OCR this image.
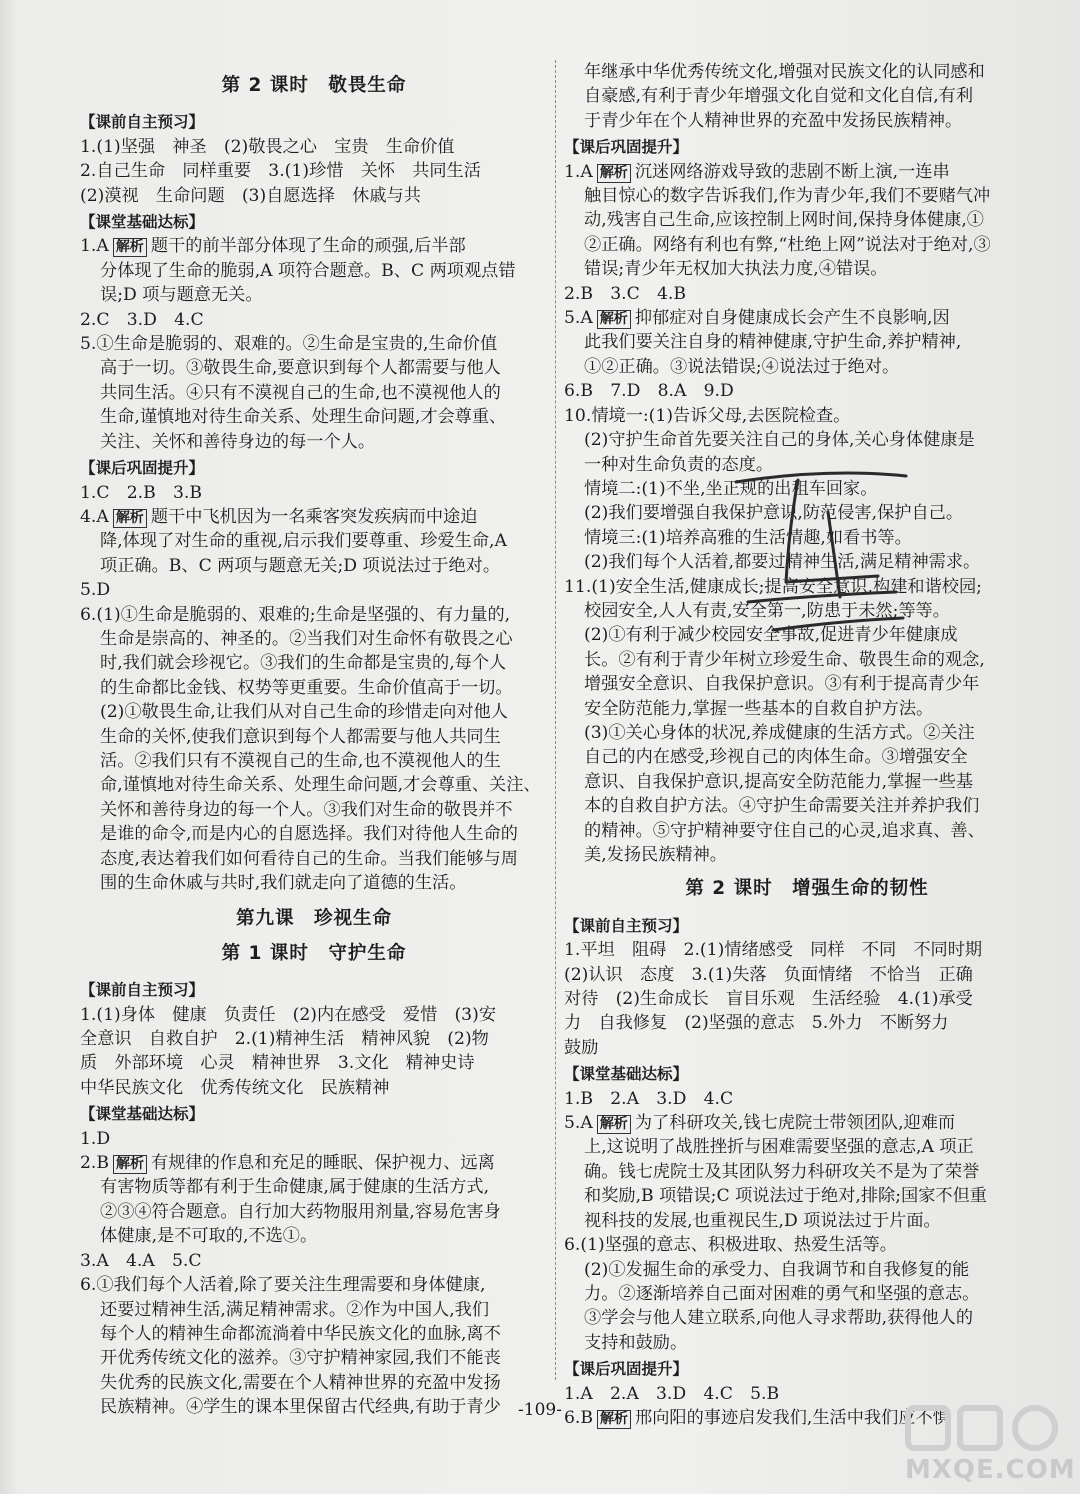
第 2 课时　敬畏生命
【课前自主预习】
1.(1)坚强　神圣　(2)敬畏之心　宝贵　生命价值
2.自己生命　同样重要　3.(1)珍惜　关怀　共同生活
(2)漠视　生命问题　(3)自愿选择　休戚与共
【课堂基础达标】
1.A 解析 题干的前半部分体现了生命的顽强,后半部
分体现了生命的脆弱,A 项符合题意。B、C 两项观点错
误;D 项与题意无关。
2.C　3.D　4.C
5.①生命是脆弱的、艰难的。②生命是宝贵的,生命价值
高于一切。③敬畏生命,要意识到每个人都需要与他人
共同生活。④只有不漠视自己的生命,也不漠视他人的
生命,谨慎地对待生命关系、处理生命问题,才会尊重、
关注、关怀和善待身边的每一个人。
【课后巩固提升】
1.C　2.B　3.B
4.A 解析 题干中飞机因为一名乘客突发疾病而中途迫
降,体现了对生命的重视,启示我们要尊重、珍爱生命,A
项正确。B、C 两项与题意无关;D 项说法过于绝对。
5.D
6.(1)①生命是脆弱的、艰难的;生命是坚强的、有力量的,
生命是崇高的、神圣的。②当我们对生命怀有敬畏之心
时,我们就会珍视它。③我们的生命都是宝贵的,每个人
的生命都比金钱、权势等更重要。生命价值高于一切。
(2)①敬畏生命,让我们从对自己生命的珍惜走向对他人
生命的关怀,使我们意识到每个人都需要与他人共同生
活。②我们只有不漠视自己的生命,也不漠视他人的生
命,谨慎地对待生命关系、处理生命问题,才会尊重、关注、
关怀和善待身边的每一个人。③我们对生命的敬畏并不
是谁的命令,而是内心的自愿选择。我们对待他人生命的
态度,表达着我们如何看待自己的生命。当我们能够与周
围的生命休戚与共时,我们就走向了道德的生活。
第九课　珍视生命
第 1 课时　守护生命
【课前自主预习】
1.(1)身体　健康　负责任　(2)内在感受　爱惜　(3)安
全意识　自救自护　2.(1)精神生活　精神风貌　(2)物
质　外部环境　心灵　精神世界　3.文化　精神史诗
中华民族文化　优秀传统文化　民族精神
【课堂基础达标】
1.D
2.B 解析 有规律的作息和充足的睡眠、保护视力、远离
有害物质等都有利于生命健康,属于健康的生活方式,
②③④符合题意。自行加大药物服用剂量,容易危害身
体健康,是不可取的,不选①。
3.A　4.A　5.C
6.①我们每个人活着,除了要关注生理需要和身体健康,
还要过精神生活,满足精神需求。②作为中国人,我们
每个人的精神生命都流淌着中华民族文化的血脉,离不
开优秀传统文化的滋养。③守护精神家园,我们不能丧
失优秀的民族文化,需要在个人精神世界的充盈中发扬
民族精神。④学生的课本里保留古代经典,有助于青少
年继承中华优秀传统文化,增强对民族文化的认同感和
自豪感,有利于青少年增强文化自觉和文化自信,有利
于青少年在个人精神世界的充盈中发扬民族精神。
【课后巩固提升】
1.A 解析 沉迷网络游戏导致的悲剧不断上演,一连串
触目惊心的数字告诉我们,作为青少年,我们不要赌气冲
动,残害自己生命,应该控制上网时间,保持身体健康,①
②正确。网络有利也有弊,“杜绝上网”说法对于绝对,③
错误;青少年无权加大执法力度,④错误。
2.B　3.C　4.B
5.A 解析 抑郁症对自身健康成长会产生不良影响,因
此我们要关注自身的精神健康,守护生命,养护精神,
①②正确。③说法错误;④说法过于绝对。
6.B　7.D　8.A　9.D
10.情境一:(1)告诉父母,去医院检查。
(2)守护生命首先要关注自己的身体,关心身体健康是
一种对生命负责的态度。
情境二:(1)不坐,坐正规的出租车回家。
(2)我们要增强自我保护意识,防范侵害,保护自己。
情境三:(1)培养高雅的生活情趣,如看书等。
(2)我们每个人活着,都要过精神生活,满足精神需求。
11.(1)安全生活,健康成长;提高安全意识,构建和谐校园;
校园安全,人人有责,安全第一,防患于未然;等等。
(2)①有利于减少校园安全事故,促进青少年健康成
长。②有利于青少年树立珍爱生命、敬畏生命的观念,
增强安全意识、自我保护意识。③有利于提高青少年
安全防范能力,掌握一些基本的自救自护方法。
(3)①关心身体的状况,养成健康的生活方式。②关注
自己的内在感受,珍视自己的肉体生命。③增强安全
意识、自我保护意识,提高安全防范能力,掌握一些基
本的自救自护方法。④守护生命需要关注并养护我们
的精神。⑤守护精神要守住自己的心灵,追求真、善、
美,发扬民族精神。
第 2 课时　增强生命的韧性
【课前自主预习】
1.平坦　阻碍　2.(1)情绪感受　同样　不同　不同时期
(2)认识　态度　3.(1)失落　负面情绪　不恰当　正确
对待　(2)生命成长　盲目乐观　生活经验　4.(1)承受
力　自我修复　(2)坚强的意志　5.外力　不断努力
鼓励
【课堂基础达标】
1.B　2.A　3.D　4.C
5.A 解析 为了科研攻关,钱七虎院士带领团队,迎难而
上,这说明了战胜挫折与困难需要坚强的意志,A 项正
确。钱七虎院士及其团队努力科研攻关不是为了荣誉
和奖励,B 项错误;C 项说法过于绝对,排除;国家不但重
视科技的发展,也重视民生,D 项说法过于片面。
6.(1)坚强的意志、积极进取、热爱生活等。
(2)①发掘生命的承受力、自我调节和自我修复的能
力。②逐渐培养自己面对困难的勇气和坚强的意志。
③学会与他人建立联系,向他人寻求帮助,获得他人的
支持和鼓励。
【课后巩固提升】
1.A　2.A　3.D　4.C　5.B
6.B 解析 邢向阳的事迹启发我们,生活中我们应不惧
MXQE.COM
-109-
